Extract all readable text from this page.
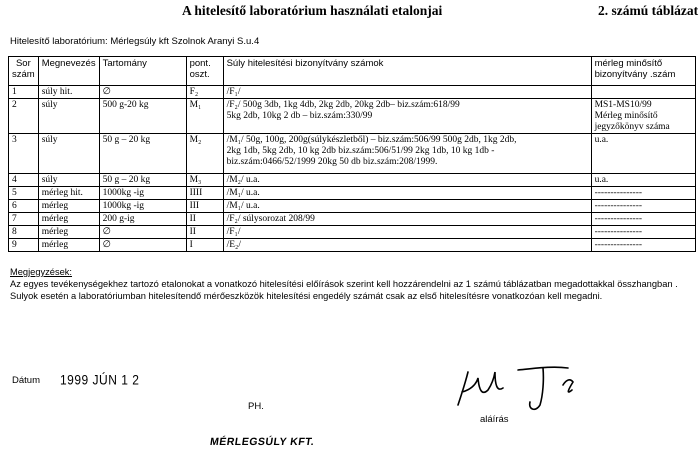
A hitelesítő laboratórium használati etalonjai	2. számú táblázat
Hitelesítő laboratórium: Mérlegsúly kft Szolnok Aranyi S.u.4
Sor
szám	Megnevezés	Tartomány	pont.
oszt.	Súly hitelesítési bizonyítvány számok	mérleg minősítő
bizonyítvány .szám
1	súly hit.	∅	F₂	/F₁/	
2	súly	500 g-20 kg	M₁	/F₂/ 500g 3db, 1kg 4db, 2kg 2db, 20kg 2db– biz.szám:618/99
5kg 2db, 10kg 2 db – biz.szám:330/99	MS1-MS10/99
Mérleg minősítő
jegyzőkönyv száma
3	súly	50 g – 20 kg	M₂	/M₁/ 50g, 100g, 200g(súlykészletből) – biz.szám:506/99 500g 2db, 1kg 2db,
2kg 1db, 5kg 2db, 10 kg 2db biz.szám:506/51/99 2kg 1db, 10 kg 1db -
biz.szám:0466/52/1999 20kg 50 db biz.szám:208/1999.	u.a.
4	súly	50 g – 20 kg	M₃	/M₂/ u.a.	u.a.
5	mérleg hit.	1000kg -ig	IIII	/M₁/ u.a.	---------------
6	mérleg	1000kg -ig	III	/M₁/ u.a.	---------------
7	mérleg	200 g-ig	II	/F₂/ súlysorozat 208/99	---------------
8	mérleg	∅	II	/F₁/	---------------
9	mérleg	∅	I	/E₂/	---------------
Megjegyzések:
Az egyes tevékenységekhez tartozó etalonokat a vonatkozó hitelesítési előírások szerint kell hozzárendelni az 1 számú táblázatban megadottakkal összhangban .
Sulyok esetén a laboratóriumban hitelesítendő mérőeszközök hitelesítési engedély számát csak az első hitelesítésre vonatkozóan kell megadni.
Dátum 1999 JÚN 1 2
PH.
aláírás
MÉRLEGSÚLY KFT.
